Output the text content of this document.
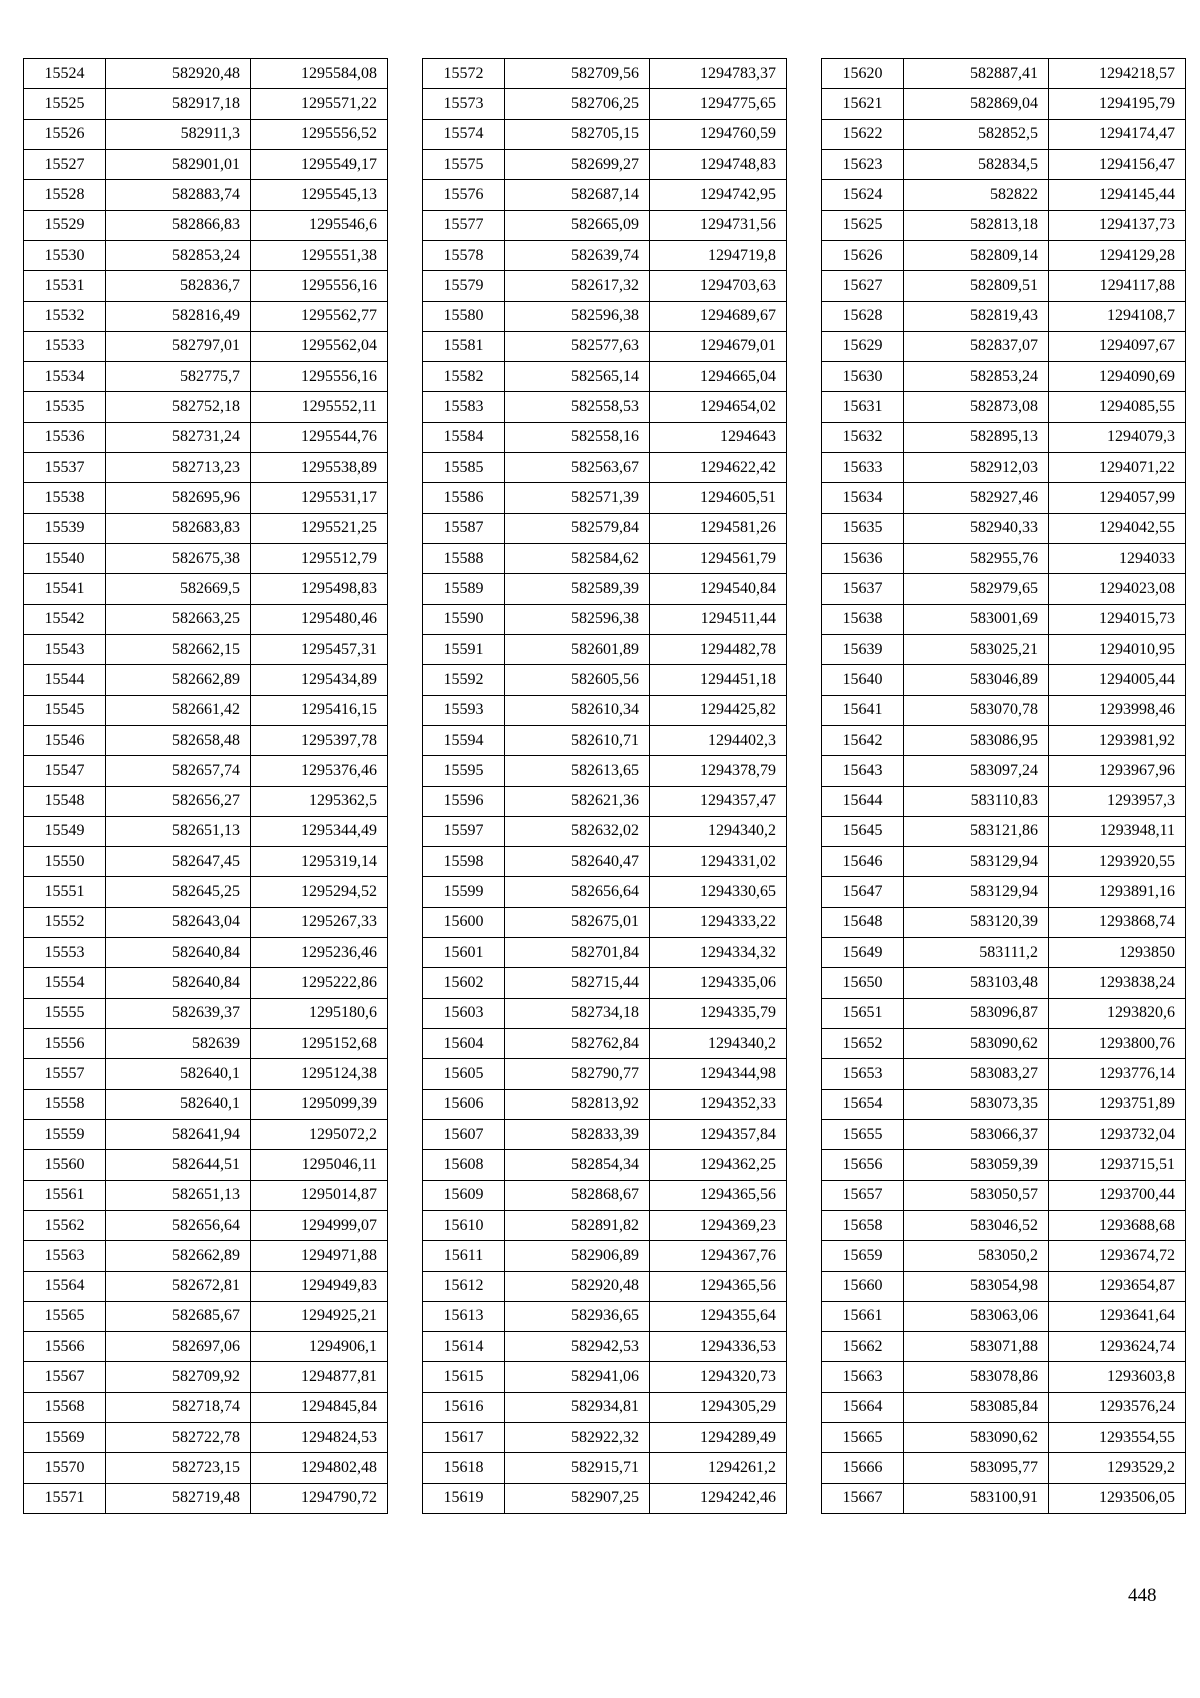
15524	582920,48	1295584,08
15525	582917,18	1295571,22
15526	582911,3	1295556,52
15527	582901,01	1295549,17
15528	582883,74	1295545,13
15529	582866,83	1295546,6
15530	582853,24	1295551,38
15531	582836,7	1295556,16
15532	582816,49	1295562,77
15533	582797,01	1295562,04
15534	582775,7	1295556,16
15535	582752,18	1295552,11
15536	582731,24	1295544,76
15537	582713,23	1295538,89
15538	582695,96	1295531,17
15539	582683,83	1295521,25
15540	582675,38	1295512,79
15541	582669,5	1295498,83
15542	582663,25	1295480,46
15543	582662,15	1295457,31
15544	582662,89	1295434,89
15545	582661,42	1295416,15
15546	582658,48	1295397,78
15547	582657,74	1295376,46
15548	582656,27	1295362,5
15549	582651,13	1295344,49
15550	582647,45	1295319,14
15551	582645,25	1295294,52
15552	582643,04	1295267,33
15553	582640,84	1295236,46
15554	582640,84	1295222,86
15555	582639,37	1295180,6
15556	582639	1295152,68
15557	582640,1	1295124,38
15558	582640,1	1295099,39
15559	582641,94	1295072,2
15560	582644,51	1295046,11
15561	582651,13	1295014,87
15562	582656,64	1294999,07
15563	582662,89	1294971,88
15564	582672,81	1294949,83
15565	582685,67	1294925,21
15566	582697,06	1294906,1
15567	582709,92	1294877,81
15568	582718,74	1294845,84
15569	582722,78	1294824,53
15570	582723,15	1294802,48
15571	582719,48	1294790,72
15572	582709,56	1294783,37
15573	582706,25	1294775,65
15574	582705,15	1294760,59
15575	582699,27	1294748,83
15576	582687,14	1294742,95
15577	582665,09	1294731,56
15578	582639,74	1294719,8
15579	582617,32	1294703,63
15580	582596,38	1294689,67
15581	582577,63	1294679,01
15582	582565,14	1294665,04
15583	582558,53	1294654,02
15584	582558,16	1294643
15585	582563,67	1294622,42
15586	582571,39	1294605,51
15587	582579,84	1294581,26
15588	582584,62	1294561,79
15589	582589,39	1294540,84
15590	582596,38	1294511,44
15591	582601,89	1294482,78
15592	582605,56	1294451,18
15593	582610,34	1294425,82
15594	582610,71	1294402,3
15595	582613,65	1294378,79
15596	582621,36	1294357,47
15597	582632,02	1294340,2
15598	582640,47	1294331,02
15599	582656,64	1294330,65
15600	582675,01	1294333,22
15601	582701,84	1294334,32
15602	582715,44	1294335,06
15603	582734,18	1294335,79
15604	582762,84	1294340,2
15605	582790,77	1294344,98
15606	582813,92	1294352,33
15607	582833,39	1294357,84
15608	582854,34	1294362,25
15609	582868,67	1294365,56
15610	582891,82	1294369,23
15611	582906,89	1294367,76
15612	582920,48	1294365,56
15613	582936,65	1294355,64
15614	582942,53	1294336,53
15615	582941,06	1294320,73
15616	582934,81	1294305,29
15617	582922,32	1294289,49
15618	582915,71	1294261,2
15619	582907,25	1294242,46
15620	582887,41	1294218,57
15621	582869,04	1294195,79
15622	582852,5	1294174,47
15623	582834,5	1294156,47
15624	582822	1294145,44
15625	582813,18	1294137,73
15626	582809,14	1294129,28
15627	582809,51	1294117,88
15628	582819,43	1294108,7
15629	582837,07	1294097,67
15630	582853,24	1294090,69
15631	582873,08	1294085,55
15632	582895,13	1294079,3
15633	582912,03	1294071,22
15634	582927,46	1294057,99
15635	582940,33	1294042,55
15636	582955,76	1294033
15637	582979,65	1294023,08
15638	583001,69	1294015,73
15639	583025,21	1294010,95
15640	583046,89	1294005,44
15641	583070,78	1293998,46
15642	583086,95	1293981,92
15643	583097,24	1293967,96
15644	583110,83	1293957,3
15645	583121,86	1293948,11
15646	583129,94	1293920,55
15647	583129,94	1293891,16
15648	583120,39	1293868,74
15649	583111,2	1293850
15650	583103,48	1293838,24
15651	583096,87	1293820,6
15652	583090,62	1293800,76
15653	583083,27	1293776,14
15654	583073,35	1293751,89
15655	583066,37	1293732,04
15656	583059,39	1293715,51
15657	583050,57	1293700,44
15658	583046,52	1293688,68
15659	583050,2	1293674,72
15660	583054,98	1293654,87
15661	583063,06	1293641,64
15662	583071,88	1293624,74
15663	583078,86	1293603,8
15664	583085,84	1293576,24
15665	583090,62	1293554,55
15666	583095,77	1293529,2
15667	583100,91	1293506,05
448
